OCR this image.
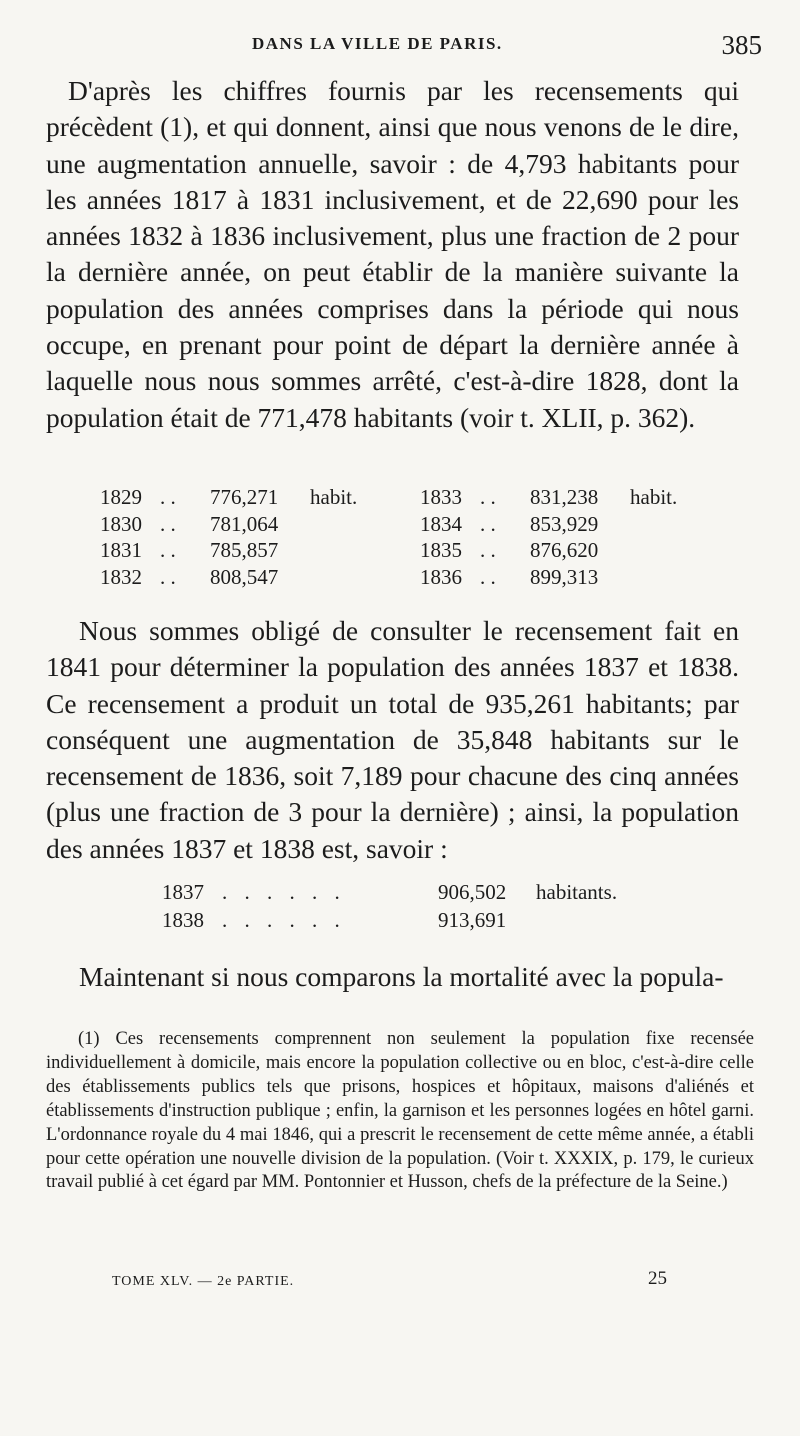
DANS LA VILLE DE PARIS.	385

D'après les chiffres fournis par les recensements qui précèdent (1), et qui donnent, ainsi que nous venons de le dire, une augmentation annuelle, savoir : de 4,793 habitants pour les années 1817 à 1831 inclusivement, et de 22,690 pour les années 1832 à 1836 inclusivement, plus une fraction de 2 pour la dernière année, on peut établir de la manière suivante la population des années comprises dans la période qui nous occupe, en prenant pour point de départ la dernière année à laquelle nous nous sommes arrêté, c'est-à-dire 1828, dont la population était de 771,478 habitants (voir t. XLII, p. 362).

1829 . .	776,271	habit.	1833 . .	831,238	habit.
1830 . .	781,064	1834 . .	853,929
1831 . .	785,857	1835 . .	876,620
1832 . .	808,547	1836 . .	899,313

Nous sommes obligé de consulter le recensement fait en 1841 pour déterminer la population des années 1837 et 1838. Ce recensement a produit un total de 935,261 habitants; par conséquent une augmentation de 35,848 habitants sur le recensement de 1836, soit 7,189 pour chacune des cinq années (plus une fraction de 3 pour la dernière) ; ainsi, la population des années 1837 et 1838 est, savoir :

1837 . . . . . .	906,502	habitants.
1838 . . . . . .	913,691

Maintenant si nous comparons la mortalité avec la popula-

(1) Ces recensements comprennent non seulement la population fixe recensée individuellement à domicile, mais encore la population collective ou en bloc, c'est-à-dire celle des établissements publics tels que prisons, hospices et hôpitaux, maisons d'aliénés et établissements d'instruction publique ; enfin, la garnison et les personnes logées en hôtel garni. L'ordonnance royale du 4 mai 1846, qui a prescrit le recensement de cette même année, a établi pour cette opération une nouvelle division de la population. (Voir t. XXXIX, p. 179, le curieux travail publié à cet égard par MM. Pontonnier et Husson, chefs de la préfecture de la Seine.)

TOME XLV. — 2e PARTIE.	25
